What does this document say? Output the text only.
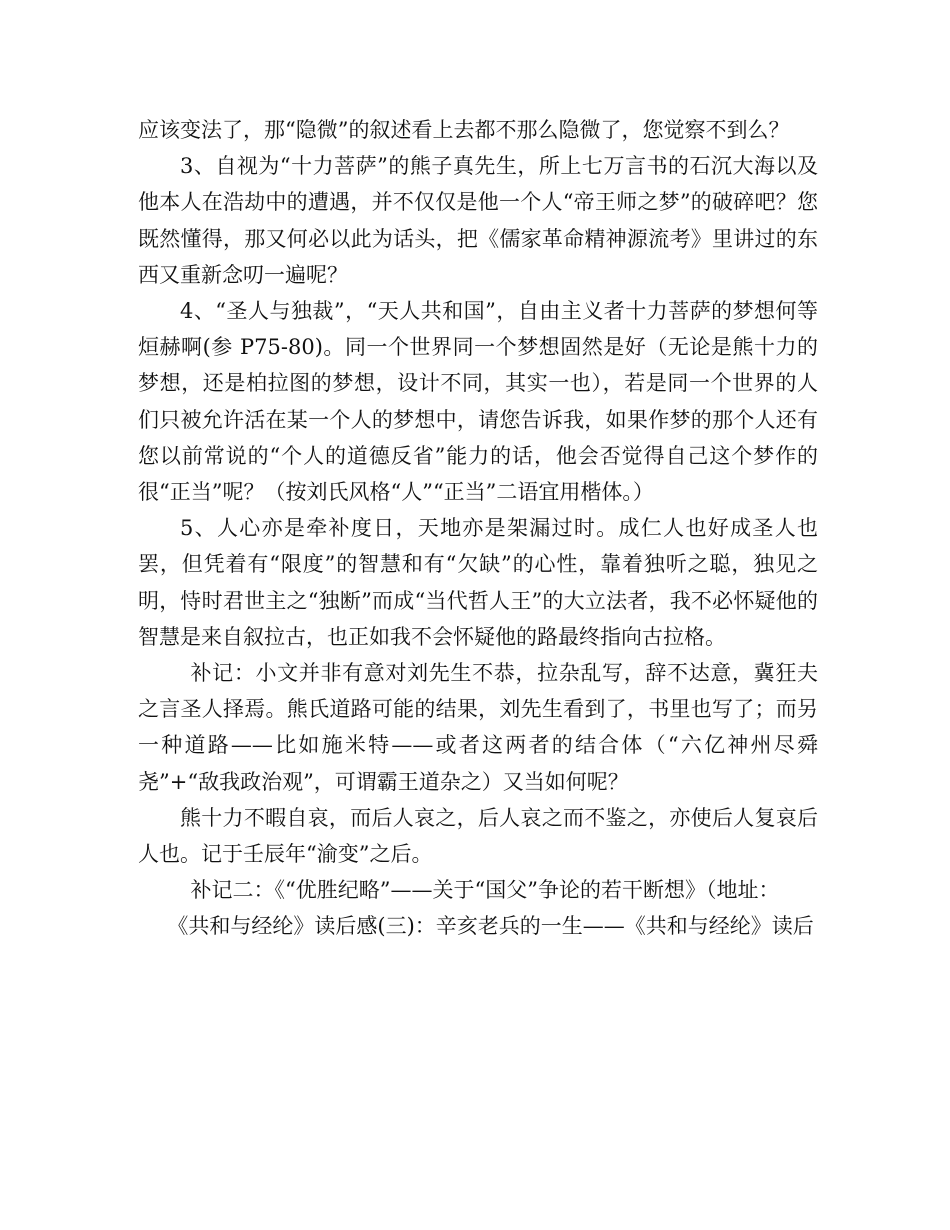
应该变法了，那“隐微”的叙述看上去都不那么隐微了，您觉察不到么？

3、自视为“十力菩萨”的熊子真先生，所上七万言书的石沉大海以及他本人在浩劫中的遭遇，并不仅仅是他一个人“帝王师之梦”的破碎吧？您既然懂得，那又何必以此为话头，把《儒家革命精神源流考》里讲过的东西又重新念叨一遍呢？

4、“圣人与独裁”，“天人共和国”，自由主义者十力菩萨的梦想何等烜赫啊(参 P75-80)。同一个世界同一个梦想固然是好（无论是熊十力的梦想，还是柏拉图的梦想，设计不同，其实一也），若是同一个世界的人们只被允许活在某一个人的梦想中，请您告诉我，如果作梦的那个人还有您以前常说的“个人的道德反省”能力的话，他会否觉得自己这个梦作的很“正当”呢？（按刘氏风格“人”“正当”二语宜用楷体。）

5、人心亦是牵补度日，天地亦是架漏过时。成仁人也好成圣人也罢，但凭着有“限度”的智慧和有“欠缺”的心性，靠着独听之聪，独见之明，恃时君世主之“独断”而成“当代哲人王”的大立法者，我不必怀疑他的智慧是来自叙拉古，也正如我不会怀疑他的路最终指向古拉格。

补记：小文并非有意对刘先生不恭，拉杂乱写，辞不达意，冀狂夫之言圣人择焉。熊氏道路可能的结果，刘先生看到了，书里也写了；而另一种道路——比如施米特——或者这两者的结合体（“六亿神州尽舜尧”+“敌我政治观”，可谓霸王道杂之）又当如何呢？

熊十力不暇自哀，而后人哀之，后人哀之而不鉴之，亦使后人复哀后人也。记于壬辰年“渝变”之后。

补记二：《“优胜纪略”——关于“国父”争论的若干断想》（地址：

《共和与经纶》读后感(三)：辛亥老兵的一生——《共和与经纶》读后
